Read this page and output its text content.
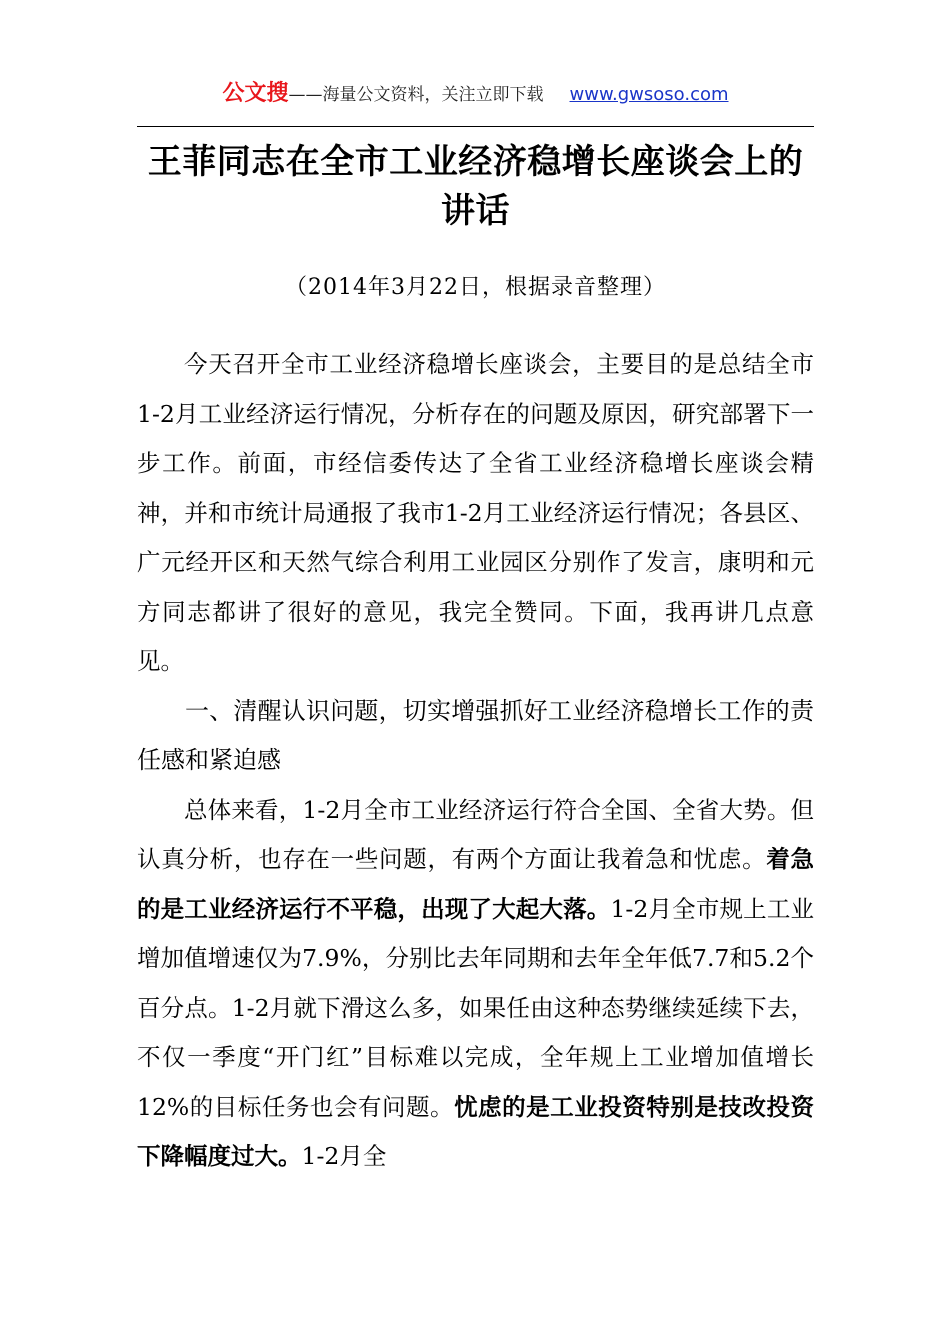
公文搜——海量公文资料，关注立即下载 www.gwsoso.com
王菲同志在全市工业经济稳增长座谈会上的讲话
（2014年3月22日，根据录音整理）

今天召开全市工业经济稳增长座谈会，主要目的是总结全市1-2月工业经济运行情况，分析存在的问题及原因，研究部署下一步工作。前面，市经信委传达了全省工业经济稳增长座谈会精神，并和市统计局通报了我市1-2月工业经济运行情况；各县区、广元经开区和天然气综合利用工业园区分别作了发言，康明和元方同志都讲了很好的意见，我完全赞同。下面，我再讲几点意见。

一、清醒认识问题，切实增强抓好工业经济稳增长工作的责任感和紧迫感

总体来看，1-2月全市工业经济运行符合全国、全省大势。但认真分析，也存在一些问题，有两个方面让我着急和忧虑。着急的是工业经济运行不平稳，出现了大起大落。1-2月全市规上工业增加值增速仅为7.9%，分别比去年同期和去年全年低7.7和5.2个百分点。1-2月就下滑这么多，如果任由这种态势继续延续下去，不仅一季度“开门红”目标难以完成，全年规上工业增加值增长12%的目标任务也会有问题。忧虑的是工业投资特别是技改投资下降幅度过大。1-2月全
